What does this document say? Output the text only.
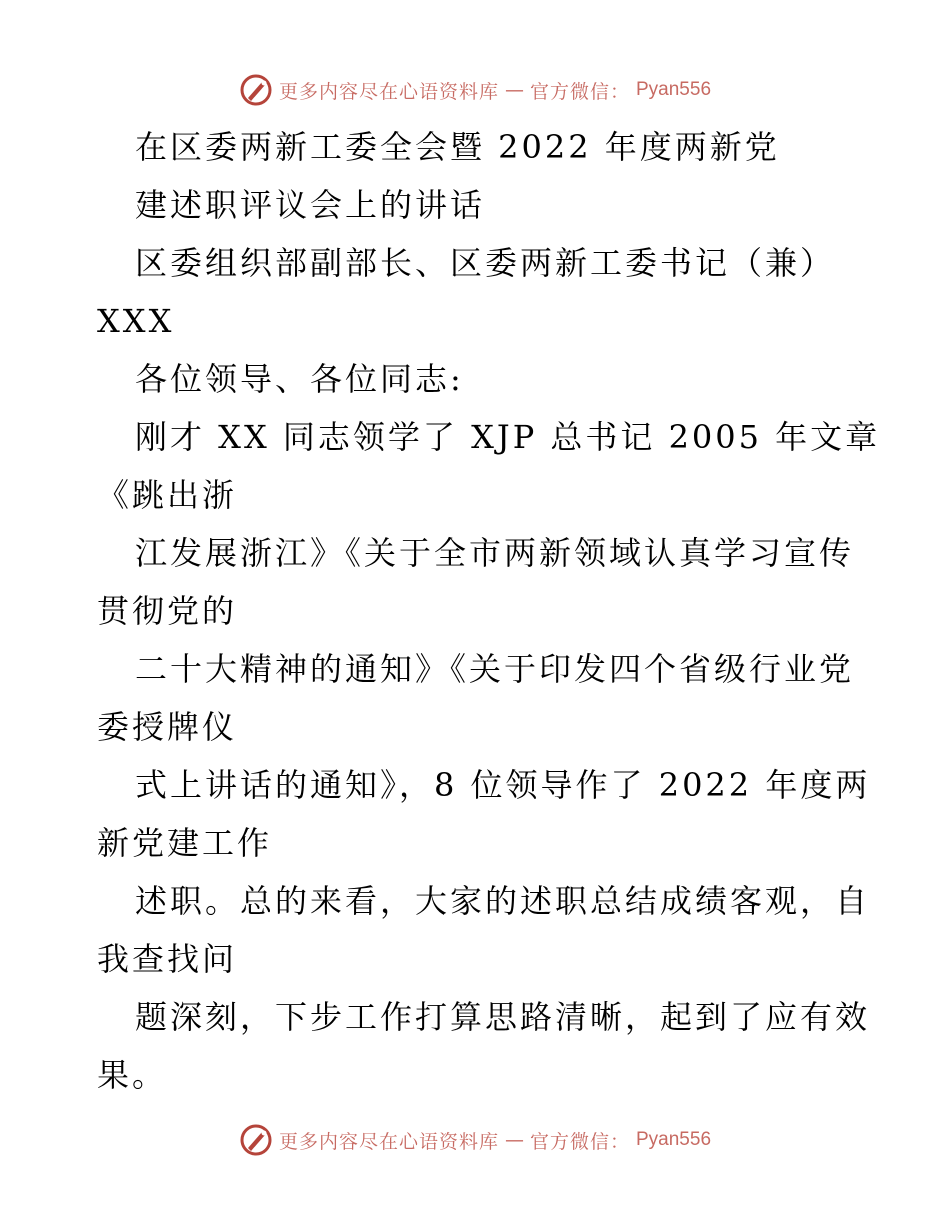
更多内容尽在心语资料库 — 官方微信： Pyan556
在区委两新工委全会暨 2022 年度两新党
建述职评议会上的讲话
区委组织部副部长、区委两新工委书记（兼）
XXX
各位领导、各位同志:
刚才 XX 同志领学了 XJP 总书记 2005 年文章
《跳出浙
江发展浙江》《关于全市两新领域认真学习宣传
贯彻党的
二十大精神的通知》《关于印发四个省级行业党
委授牌仪
式上讲话的通知》，8 位领导作了 2022 年度两
新党建工作
述职。总的来看，大家的述职总结成绩客观，自
我查找问
题深刻，下步工作打算思路清晰，起到了应有效
果。
更多内容尽在心语资料库 — 官方微信： Pyan556
